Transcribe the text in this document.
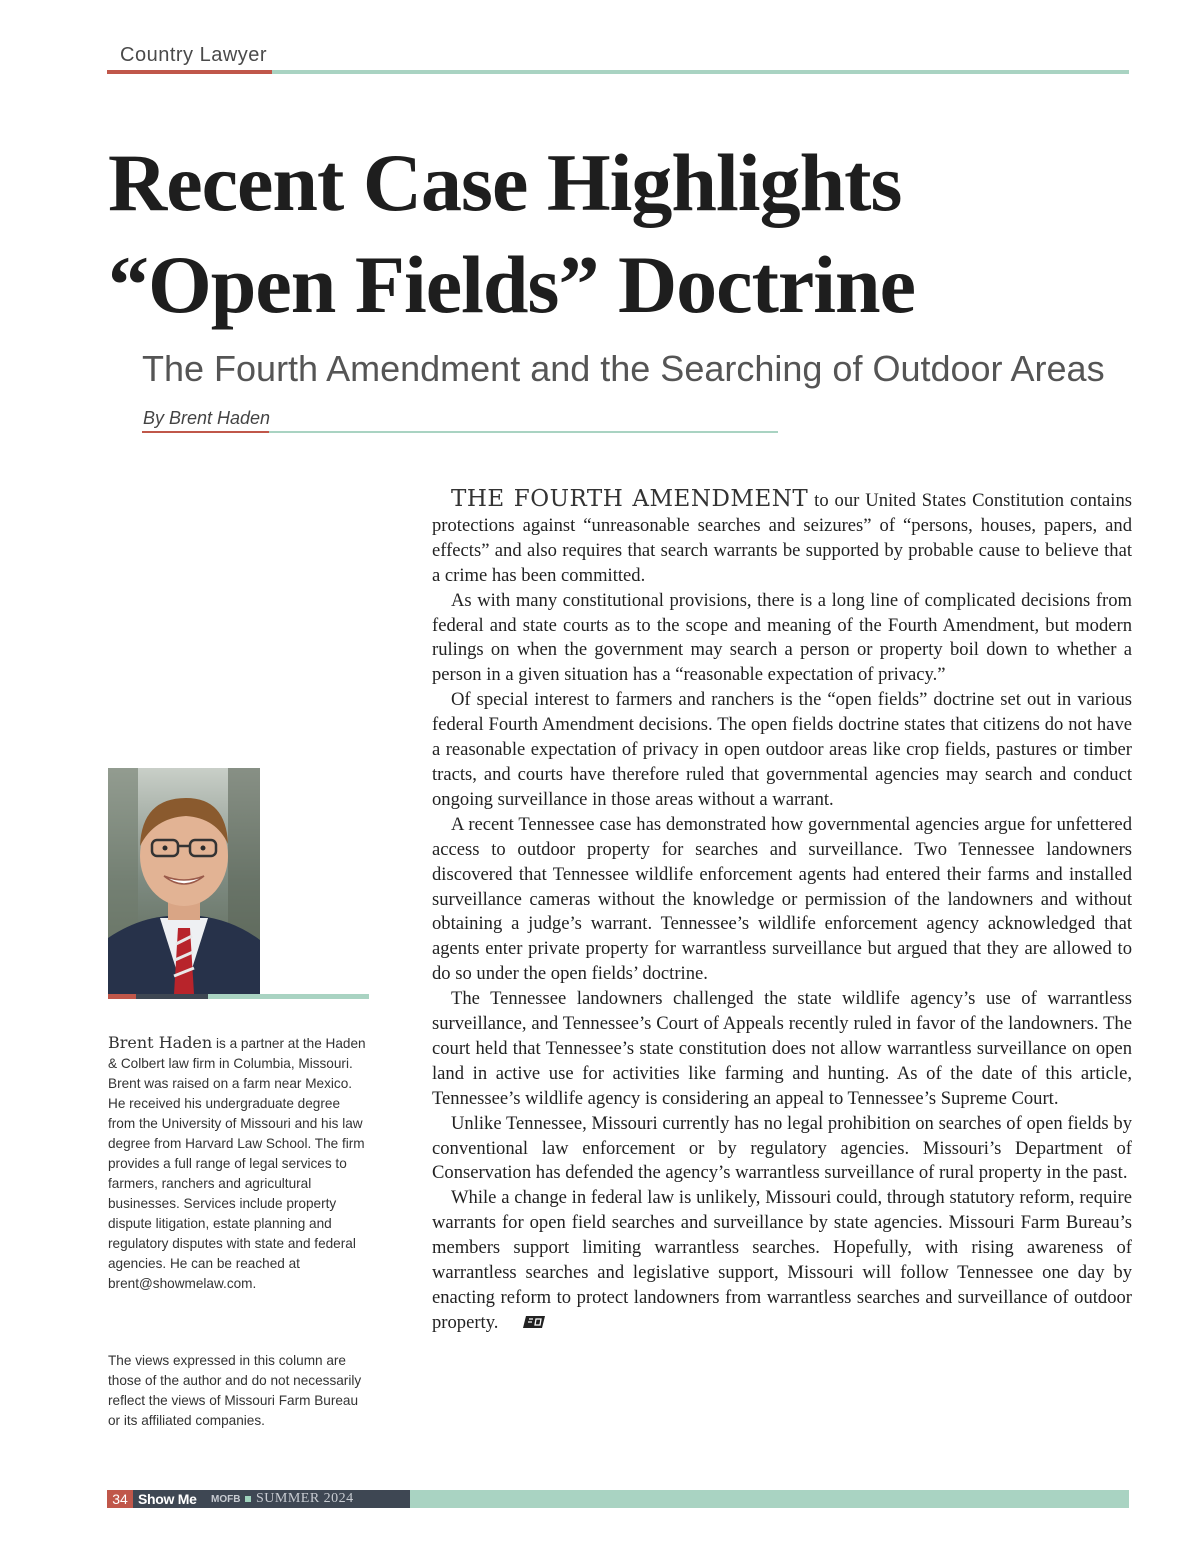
Country Lawyer
Recent Case Highlights
“Open Fields” Doctrine
The Fourth Amendment and the Searching of Outdoor Areas
By Brent Haden
Brent Haden is a partner at the Haden & Colbert law firm in Columbia, Missouri. Brent was raised on a farm near Mexico. He received his undergraduate degree from the University of Missouri and his law degree from Harvard Law School. The firm provides a full range of legal services to farmers, ranchers and agricultural businesses. Services include property dispute litigation, estate planning and regulatory disputes with state and federal agencies. He can be reached at brent@showmelaw.com.
The views expressed in this column are those of the author and do not necessarily reflect the views of Missouri Farm Bureau or its affiliated companies.

THE FOURTH AMENDMENT to our United States Constitution contains protections against “unreasonable searches and seizures” of “persons, houses, papers, and effects” and also requires that search warrants be supported by probable cause to believe that a crime has been committed.

As with many constitutional provisions, there is a long line of complicated decisions from federal and state courts as to the scope and meaning of the Fourth Amendment, but modern rulings on when the government may search a person or property boil down to whether a person in a given situation has a “reasonable expectation of privacy.”

Of special interest to farmers and ranchers is the “open fields” doctrine set out in various federal Fourth Amendment decisions. The open fields doctrine states that citizens do not have a reasonable expectation of privacy in open outdoor areas like crop fields, pastures or timber tracts, and courts have therefore ruled that governmental agencies may search and conduct ongoing surveillance in those areas without a warrant.

A recent Tennessee case has demonstrated how governmental agencies argue for unfettered access to outdoor property for searches and surveillance. Two Tennessee landowners discovered that Tennessee wildlife enforcement agents had entered their farms and installed surveillance cameras without the knowledge or permission of the landowners and without obtaining a judge’s warrant. Tennessee’s wildlife enforcement agency acknowledged that agents enter private property for warrantless surveillance but argued that they are allowed to do so under the open fields’ doctrine.

The Tennessee landowners challenged the state wildlife agency’s use of warrantless surveillance, and Tennessee’s Court of Appeals recently ruled in favor of the landowners. The court held that Tennessee’s state constitution does not allow warrantless surveillance on open land in active use for activities like farming and hunting. As of the date of this article, Tennessee’s wildlife agency is considering an appeal to Tennessee’s Supreme Court.

Unlike Tennessee, Missouri currently has no legal prohibition on searches of open fields by conventional law enforcement or by regulatory agencies. Missouri’s Department of Conservation has defended the agency’s warrantless surveillance of rural property in the past.

While a change in federal law is unlikely, Missouri could, through statutory reform, require warrants for open field searches and surveillance by state agencies. Missouri Farm Bureau’s members support limiting warrantless searches. Hopefully, with rising awareness of warrantless searches and legislative support, Missouri will follow Tennessee one day by enacting reform to protect landowners from warrantless searches and surveillance of outdoor property.

34 Show Me MOFB SUMMER 2024
